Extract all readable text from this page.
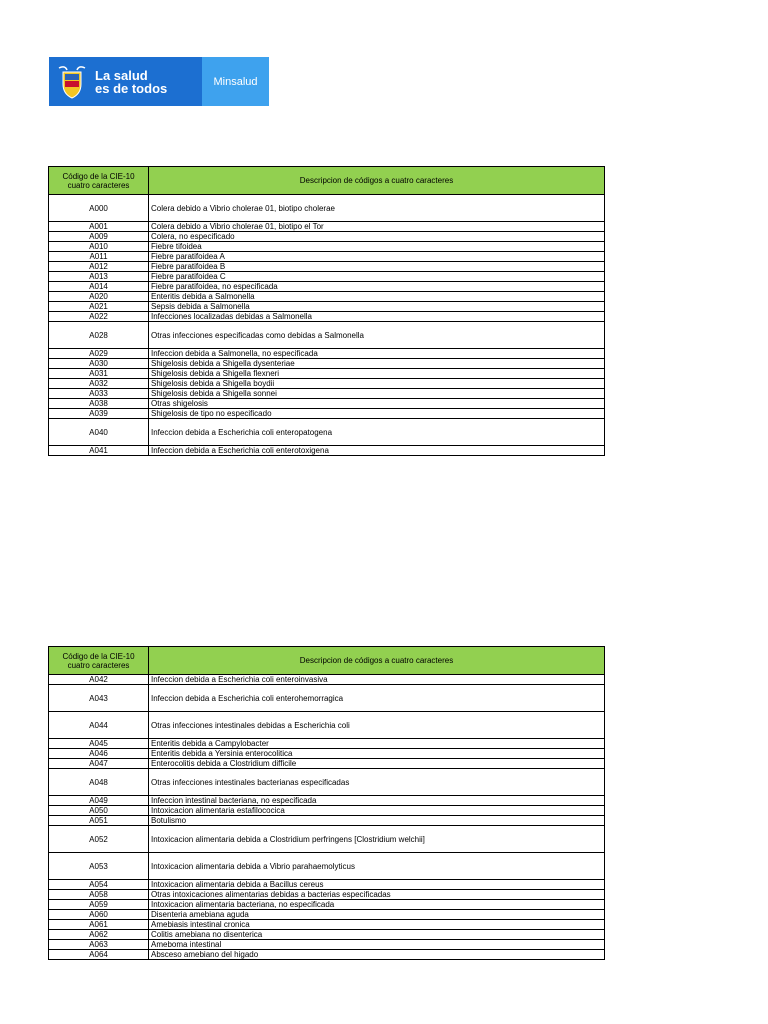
La salud
es de todos	Minsalud
Código de la CIE-10 cuatro caracteres	Descripcion de códigos a cuatro caracteres
A000	Colera debido a Vibrio cholerae 01, biotipo cholerae
A001	Colera debido a Vibrio cholerae 01, biotipo el Tor
A009	Colera, no especificado
A010	Fiebre tifoidea
A011	Fiebre paratifoidea A
A012	Fiebre paratifoidea B
A013	Fiebre paratifoidea C
A014	Fiebre paratifoidea, no especificada
A020	Enteritis debida a Salmonella
A021	Sepsis debida a Salmonella
A022	Infecciones localizadas debidas a Salmonella
A028	Otras infecciones especificadas como debidas a Salmonella
A029	Infeccion debida a Salmonella, no especificada
A030	Shigelosis debida a Shigella dysenteriae
A031	Shigelosis debida a Shigella flexneri
A032	Shigelosis debida a Shigella boydii
A033	Shigelosis debida a Shigella sonnei
A038	Otras shigelosis
A039	Shigelosis de tipo no especificado
A040	Infeccion debida a Escherichia coli enteropatogena
A041	Infeccion debida a Escherichia coli enterotoxigena
Código de la CIE-10 cuatro caracteres	Descripcion de códigos a cuatro caracteres
A042	Infeccion debida a Escherichia coli enteroinvasiva
A043	Infeccion debida a Escherichia coli enterohemorragica
A044	Otras infecciones intestinales debidas a Escherichia coli
A045	Enteritis debida a Campylobacter
A046	Enteritis debida a Yersinia enterocolitica
A047	Enterocolitis debida a Clostridium difficile
A048	Otras infecciones intestinales bacterianas especificadas
A049	Infeccion intestinal bacteriana, no especificada
A050	Intoxicacion alimentaria estafilococica
A051	Botulismo
A052	Intoxicacion alimentaria debida a Clostridium perfringens [Clostridium welchii]
A053	Intoxicacion alimentaria debida a Vibrio parahaemolyticus
A054	Intoxicacion alimentaria debida a Bacillus cereus
A058	Otras intoxicaciones alimentarias debidas a bacterias especificadas
A059	Intoxicacion alimentaria bacteriana, no especificada
A060	Disenteria amebiana aguda
A061	Amebiasis intestinal cronica
A062	Colitis amebiana no disenterica
A063	Ameboma intestinal
A064	Absceso amebiano del higado
